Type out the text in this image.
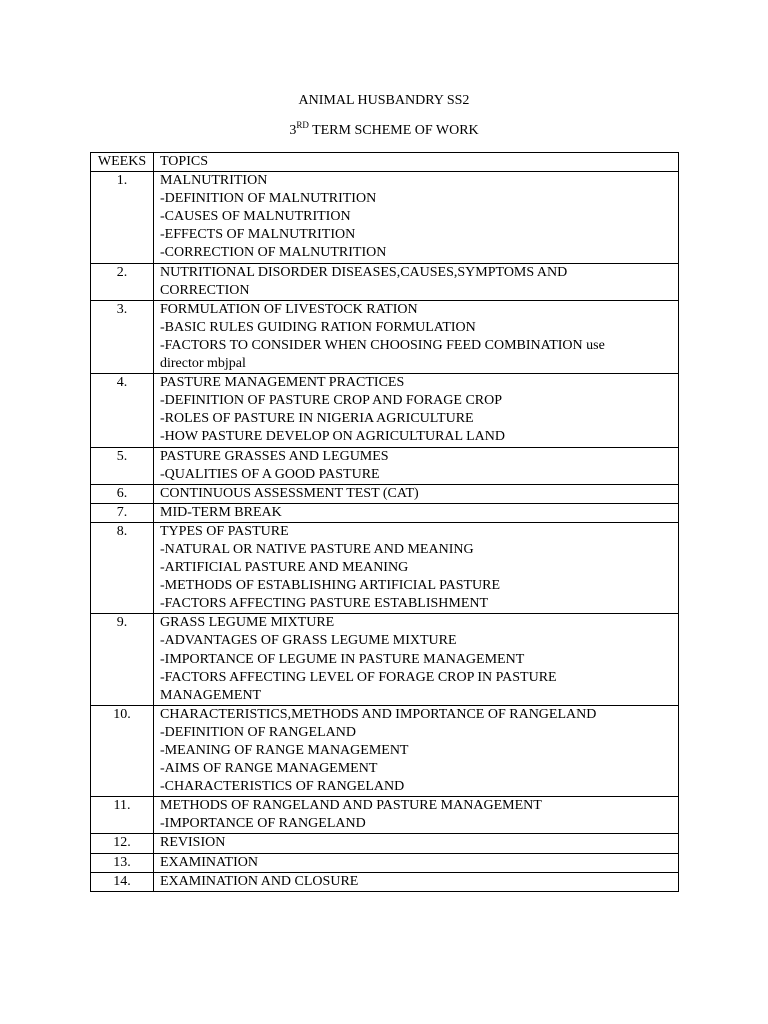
ANIMAL HUSBANDRY SS2
3RD TERM SCHEME OF WORK
WEEKS	TOPICS
1.	MALNUTRITION
-DEFINITION OF MALNUTRITION
-CAUSES OF MALNUTRITION
-EFFECTS OF MALNUTRITION
-CORRECTION OF MALNUTRITION

2.	NUTRITIONAL DISORDER DISEASES,CAUSES,SYMPTOMS AND
CORRECTION

3.	FORMULATION OF LIVESTOCK RATION
-BASIC RULES GUIDING RATION FORMULATION
-FACTORS TO CONSIDER WHEN CHOOSING FEED COMBINATION use
director mbjpal

4.	PASTURE MANAGEMENT PRACTICES
-DEFINITION OF PASTURE CROP AND FORAGE CROP
-ROLES OF PASTURE IN NIGERIA AGRICULTURE
-HOW PASTURE DEVELOP ON AGRICULTURAL LAND

5.	PASTURE GRASSES AND LEGUMES
-QUALITIES OF A GOOD PASTURE

6.	CONTINUOUS ASSESSMENT TEST (CAT)

7.	MID-TERM BREAK

8.	TYPES OF PASTURE
-NATURAL OR NATIVE PASTURE AND MEANING
-ARTIFICIAL PASTURE AND MEANING
-METHODS OF ESTABLISHING ARTIFICIAL PASTURE
-FACTORS AFFECTING PASTURE ESTABLISHMENT

9.	GRASS LEGUME MIXTURE
-ADVANTAGES OF GRASS LEGUME MIXTURE
-IMPORTANCE OF LEGUME IN PASTURE MANAGEMENT
-FACTORS AFFECTING LEVEL OF FORAGE CROP IN PASTURE
MANAGEMENT

10.	CHARACTERISTICS,METHODS AND IMPORTANCE OF RANGELAND
-DEFINITION OF RANGELAND
-MEANING OF RANGE MANAGEMENT
-AIMS OF RANGE MANAGEMENT
-CHARACTERISTICS OF RANGELAND

11.	METHODS OF RANGELAND AND PASTURE MANAGEMENT
-IMPORTANCE OF RANGELAND

12.	REVISION

13.	EXAMINATION

14.	EXAMINATION AND CLOSURE
